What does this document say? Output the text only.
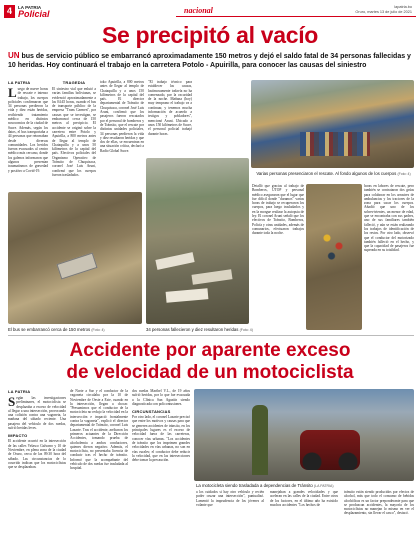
4	LA PATRIA
Policial	nacional	lapatria.bo
Oruro, martes 13 de julio de 2021
Se precipitó al vacío
UN bus de servicio público se embarrancó aproximadamente 150 metros y dejó el saldo fatal de 34 personas fallecidas y 10 heridas. Hoy continuará el trabajo en la carretera Potolo - Apuirilla, para conocer las causas del siniestro
LA PATRIA
Luego de nueve horas de rescate e intenso trabajo, los cuerpos policiales confirmaron que 34 personas perdieron la vida y diez están heridas, recibiendo tratamiento médico en distintos nosocomios de la ciudad de Sucre. Además, según los datos, el bus transportaba a 44 personas que retornaban desde diversas comunidades. Los heridos fueron evacuados al centro médico más cercano, donde los galenos informaron que algunos presentan traumatismos de gravedad y positivo a Covid-19.
El bus se embarrancó cerca de 150 metros (Foto: 4)
TRAGEDIA
El siniestro vial que enlutó a varias familias bolivianas, se evidenció aproximadamente a las 04:45 horas, cuando el bus de transporte público de la empresa "Trans Carmen", por causas que se investigan, se embarrancó cerca de 150 metros al precipicio. El accidente se originó sobre la carretera entre Potolo y Apuirilla, a 800 metros antes de llegar al templo de Chataquilla y a unos 50 kilómetros de la capital del país. Efectivos policiales del Organismo Operativo de Tránsito de Chuquisaca, coronel José Luis Aruni, confirmó que los cuerpos fueron trasladados.
toko Apuirilla, a 800 metros antes de llegar al templo de Chataquilla y a unos 150 kilómetros de la capital del país. El director departamental de Tránsito de Chuquisaca, coronel José Luis Aruni, confirmó que los pasajeros fueron rescatados por el personal de bomberos y de Tránsito, que el rescate por distintas unidades policiales, 34 personas perdieron la vida y diez resultaron heridas y que dos de ellas, se encuentran en una situación crítica, declaró a Radio Global Sucre.
"El trabajo técnico para establecer las causas, lastimosamente todavía no ha comenzado, por la oscuridad de la noche. Mañana (hoy) muy temprano el trabajo va a continuar, y tenemos mucha información de acuerdo a testigos y pobladores", mencionó Aruni. Ubicado a unos 150 kilómetros de Sucre, el personal policial trabajó durante horas.
34 personas fallecieron y diez resultaron heridas (Foto: 4)
Varias personas presenciaron el rescate. Al fondo algunos de los cuerpos (Foto: 4)
Detalló que gracias al trabajo de Bomberos, UTOP y personal médico aseguraron que el lugar que fue difícil donde "duramos" varias horas de trabajo se recuperaron los cuerpos, para luego trasladarlos y en la morgue realizar la autopsia de ley. El coronel Aruni señaló que los efectivos de Tránsito, Bomberos, Policía y otras unidades, además de comunarios, efectuaron trabajos durante toda la noche.
horas en labores de rescate, pero también se contrataron dos grúas para colaborar en los arrastres de ambulancias y los tractores de la zona para sacar los cuerpos. Añadió que uno de los sobrevivientes, un menor de edad, que se encontraba con sus padres, uno de sus familiares también falleció, y aún se están realizando los trabajos de identificación de los restos. Por otro lado, observó que el conductor del motorizado también falleció en el hecho, y que la capacidad de pasajeros fue superada en su totalidad.
Accidente por aparente exceso
de velocidad de un motociclista
LA PATRIA
Según las investigaciones preliminares, el motociclista se desplazaba a exceso de velocidad al llegar a una intersección, provocando una colisión contra una vagoneta, la mañana del sábado reciente. Una pasajera del vehículo de dos ruedas, sufrió heridas leves.
IMPACTO
El accidente ocurrió en la intersección de las calles Velasco Galvarro y 10 de Noviembre, en plena zona de la ciudad de Oruro, cerca de las 09:30 hora del sábado. Las circunstancias de lo ocurrido indican que los motociclistas que se desplazaban.
de Norte a Sur y el conductor de la vagoneta circulaba por la 10 de Noviembre de Oeste a Este, cuando en la intersección, llegan a chocar. "Presumimos que el conductor de la motocicleta no redujo la velocidad en la intersección e impactó frontalmente contra la vagoneta", explicó el director departamental de Tránsito, coronel Luis Lazarte. Tras el accidente, arribaron los primeros actuantes de la Dirección Accidentes, tomando prueba de alcoholemia a ambos conductores, quienes dieron negativo. Además, el motociclista, no presentaba licencia de conducir tras el hecho de tránsito. Informó que la acompañante del vehículo de dos ruedas fue trasladada al hospital.
dos ruedas Maribel V.L., de 19 años sufrió heridas, por lo que fue evacuada a la Clínica San Agustín siendo diagnosticada con policontusiones.
CIRCUNSTANCIAS
Por otro lado, el coronel Lazarte precisó que entre los motivos y causas para que se generen accidentes de tránsito, en los principales lugares es el exceso de velocidad fuera de las carreteras, conocer vías urbanas. "Los accidentes de tránsito que los imprimen grandes velocidades en vías urbanas, no son en vías rurales; el conductor debe reducir la velocidad, que en las intersecciones debe tomar la precaución.
La motocicleta siendo trasladada a dependencias de Tránsito (LA PATRIA)
a los cuidados si hay otro vehículo y recién poder cruzar una intersección", puntualizó. Lamentó la imprudencia de los jóvenes al volante que
manejaban a grandes velocidades y que aceleran en las calles de la ciudad. Entre otros de los factores, en el último año ha existido muchos accidentes "Los hechos de
tránsito están siendo producidos por efectos de alcohol, más que todo el consumo de bebidas alcohólicas es un factor preponderante para que se produzcan accidentes, la mayoría de los motociclistas no manejan lo mismo en ver el desplazamiento, sin llevar el casco", destacó.
